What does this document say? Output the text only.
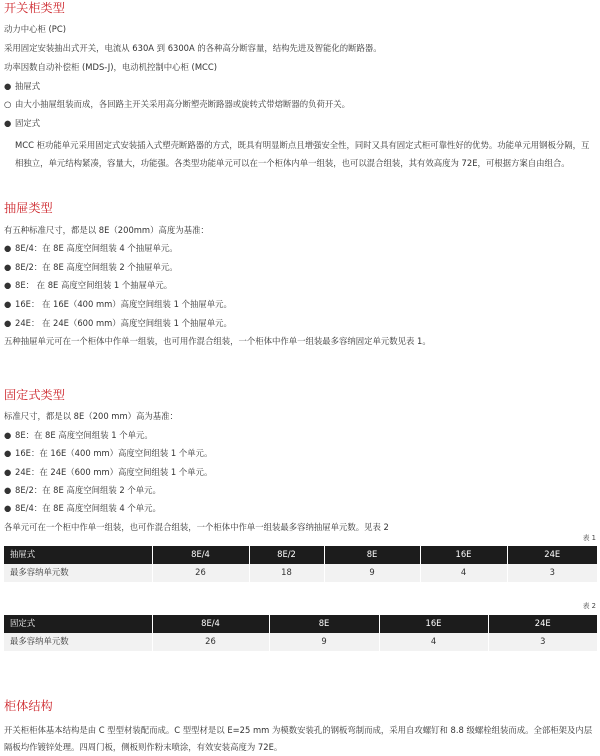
开关柜类型
动力中心柜 (PC)
采用固定安装抽出式开关，电流从 630A 到 6300A 的各种高分断容量，结构先进及智能化的断路器。
功率因数自动补偿柜 (MDS-J)，电动机控制中心柜 (MCC)
● 抽屉式
○ 由大小抽屉组装而成，各回路主开关采用高分断塑壳断路器或旋转式带熔断器的负荷开关。
● 固定式
MCC 柜功能单元采用固定式安装插入式塑壳断路器的方式，既具有明显断点且增强安全性，同时又具有固定式柜可靠性好的优势。功能单元用钢板分隔，互相独立，单元结构紧凑，容量大，功能强。各类型功能单元可以在一个柜体内单一组装，也可以混合组装，其有效高度为 72E，可根据方案自由组合。
抽屉类型
有五种标准尺寸，都是以 8E（200mm）高度为基准：
● 8E/4：在 8E 高度空间组装 4 个抽屉单元。
● 8E/2：在 8E 高度空间组装 2 个抽屉单元。
● 8E： 在 8E 高度空间组装 1 个抽屉单元。
● 16E： 在 16E（400 mm）高度空间组装 1 个抽屉单元。
● 24E： 在 24E（600 mm）高度空间组装 1 个抽屉单元。
五种抽屉单元可在一个柜体中作单一组装，也可用作混合组装，一个柜体中作单一组装最多容纳固定单元数见表 1。
固定式类型
标准尺寸，都是以 8E（200 mm）高为基准：
● 8E：在 8E 高度空间组装 1 个单元。
● 16E：在 16E（400 mm）高度空间组装 1 个单元。
● 24E：在 24E（600 mm）高度空间组装 1 个单元。
● 8E/2：在 8E 高度空间组装 2 个单元。
● 8E/4：在 8E 高度空间组装 4 个单元。
各单元可在一个柜中作单一组装，也可作混合组装，一个柜体中作单一组装最多容纳抽屉单元数。见表 2
表 1
抽屉式	8E/4	8E/2	8E	16E	24E
最多容纳单元数	26	18	9	4	3
表 2
固定式	8E/4	8E	16E	24E
最多容纳单元数	26	9	4	3
柜体结构
开关柜柜体基本结构是由 C 型型材装配而成。C 型型材是以 E=25 mm 为模数安装孔的钢板弯制而成，采用自攻螺钉和 8.8 级螺栓组装而成。全部柜架及内层隔板均作镀锌处理。四周门板，侧板则作粉末喷涂，有效安装高度为 72E。
